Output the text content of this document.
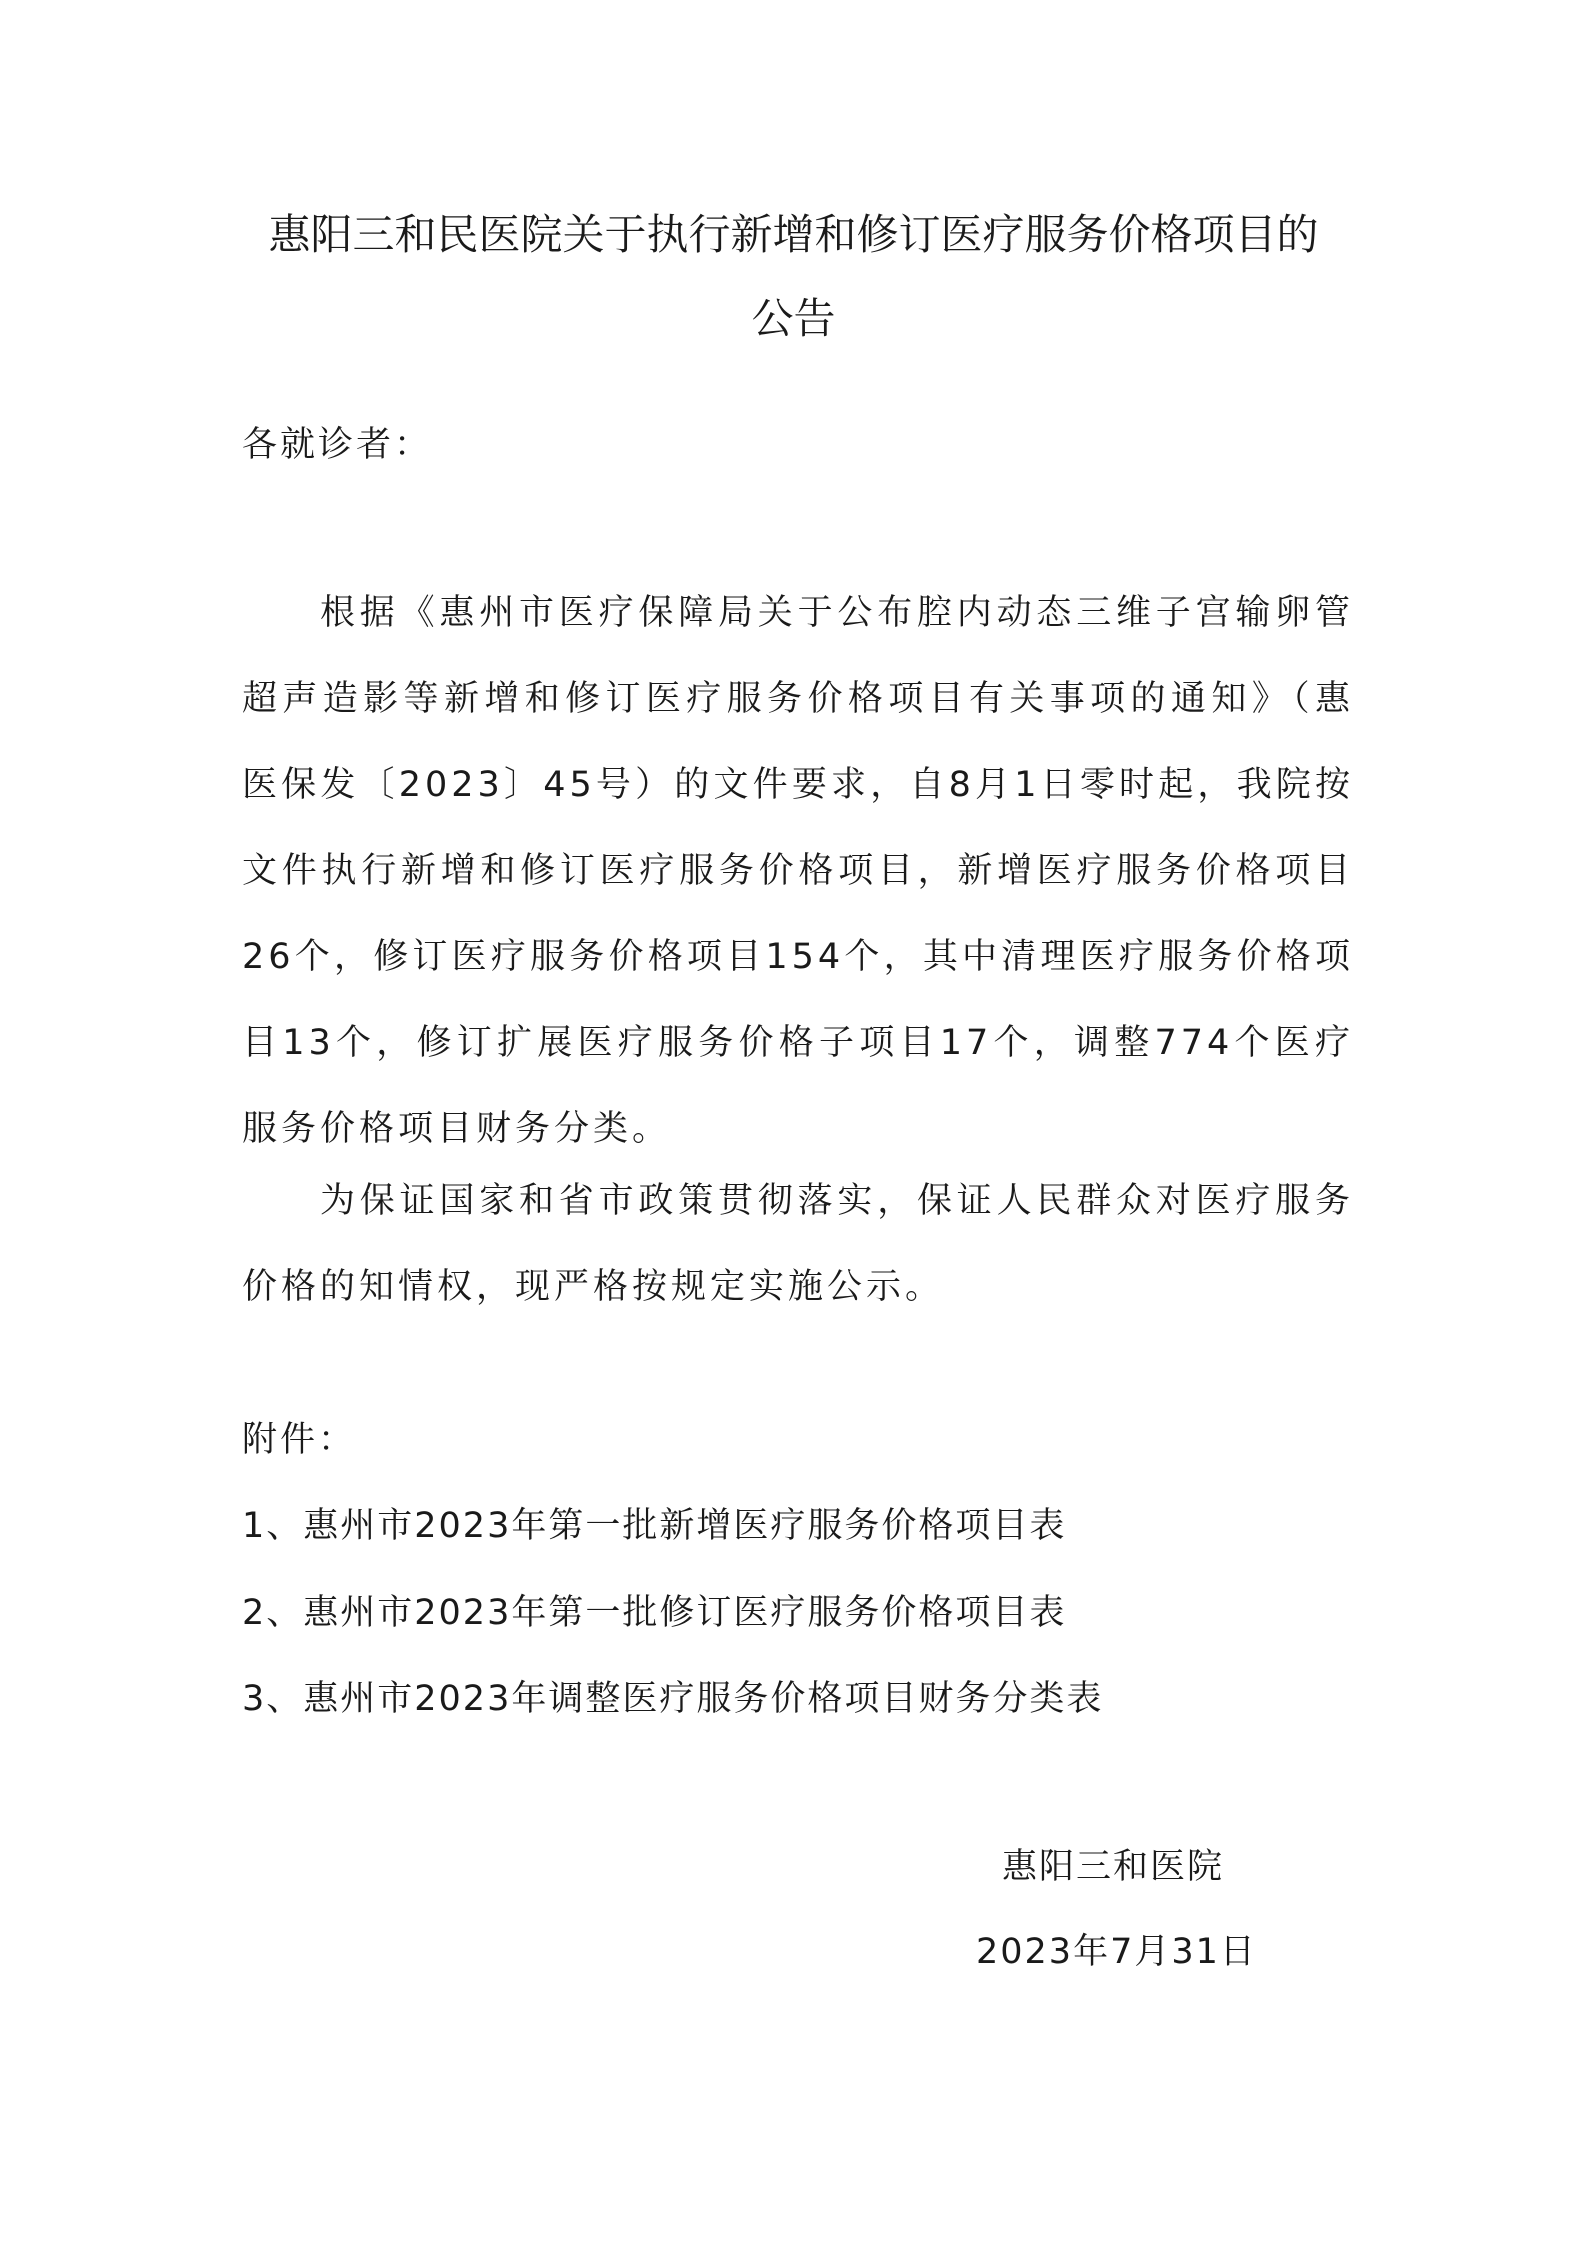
惠阳三和民医院关于执行新增和修订医疗服务价格项目的
公告
各就诊者：
根据《惠州市医疗保障局关于公布腔内动态三维子宫输卵管超声造影等新增和修订医疗服务价格项目有关事项的通知》（惠医保发〔2023〕45号）的文件要求，自8月1日零时起，我院按文件执行新增和修订医疗服务价格项目，新增医疗服务价格项目26个，修订医疗服务价格项目154个，其中清理医疗服务价格项目13个，修订扩展医疗服务价格子项目17个，调整774个医疗服务价格项目财务分类。
为保证国家和省市政策贯彻落实，保证人民群众对医疗服务价格的知情权，现严格按规定实施公示。
附件：
1、惠州市2023年第一批新增医疗服务价格项目表
2、惠州市2023年第一批修订医疗服务价格项目表
3、惠州市2023年调整医疗服务价格项目财务分类表
惠阳三和医院
2023年7月31日
